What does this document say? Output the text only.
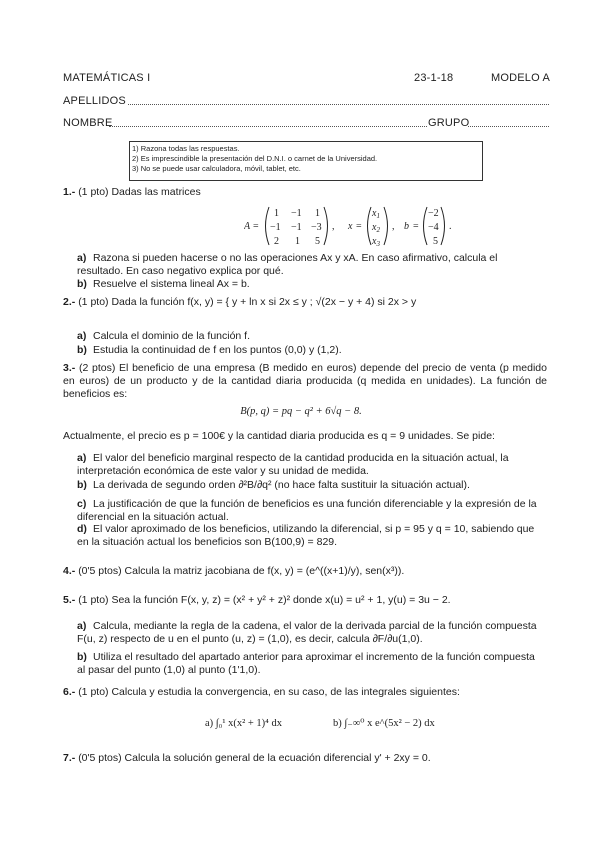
MATEMÁTICAS I	23-1-18	MODELO A
APELLIDOS
NOMBRE	GRUPO
1) Razona todas las respuestas.
2) Es imprescindible la presentación del D.N.I. o carnet de la Universidad.
3) No se puede usar calculadora, móvil, tablet, etc.
1.- (1 pto) Dadas las matrices
A =
1 −1 1
−1 −1 −3
2 1 5
, x =
$x_1$
$x_2$
$x_3$
, b =
−2
−4
5
.
a) Razona si pueden hacerse o no las operaciones Ax y xA. En caso afirmativo, calcula el resultado. En caso negativo explica por qué.
b) Resuelve el sistema lineal Ax = b.
2.- (1 pto) Dada la función f(x, y) = { y + ln x si 2x ≤ y ; √(2x − y + 4) si 2x > y
a) Calcula el dominio de la función f.
b) Estudia la continuidad de f en los puntos (0,0) y (1,2).
3.- (2 ptos) El beneficio de una empresa (B medido en euros) depende del precio de venta (p medido en euros) de un producto y de la cantidad diaria producida (q medida en unidades). La función de beneficios es:
B(p, q) = pq − q² + 6√q − 8.
Actualmente, el precio es p = 100€ y la cantidad diaria producida es q = 9 unidades. Se pide:
a) El valor del beneficio marginal respecto de la cantidad producida en la situación actual, la interpretación económica de este valor y su unidad de medida.
b) La derivada de segundo orden ∂²B/∂q² (no hace falta sustituir la situación actual).
c) La justificación de que la función de beneficios es una función diferenciable y la expresión de la diferencial en la situación actual.
d) El valor aproximado de los beneficios, utilizando la diferencial, si p = 95 y q = 10, sabiendo que en la situación actual los beneficios son B(100,9) = 829.
4.- (0'5 ptos) Calcula la matriz jacobiana de f(x, y) = (e^((x+1)/y), sen(x³)).
5.- (1 pto) Sea la función F(x, y, z) = (x² + y² + z)² donde x(u) = u² + 1, y(u) = 3u − 2.
a) Calcula, mediante la regla de la cadena, el valor de la derivada parcial de la función compuesta F(u, z) respecto de u en el punto (u, z) = (1,0), es decir, calcula ∂F/∂u(1,0).
b) Utiliza el resultado del apartado anterior para aproximar el incremento de la función compuesta al pasar del punto (1,0) al punto (1'1,0).
6.- (1 pto) Calcula y estudia la convergencia, en su caso, de las integrales siguientes:
a) ∫₀¹ x(x² + 1)⁴ dx	b) ∫₋∞⁰ x e^(5x² − 2) dx
7.- (0'5 ptos) Calcula la solución general de la ecuación diferencial y' + 2xy = 0.
